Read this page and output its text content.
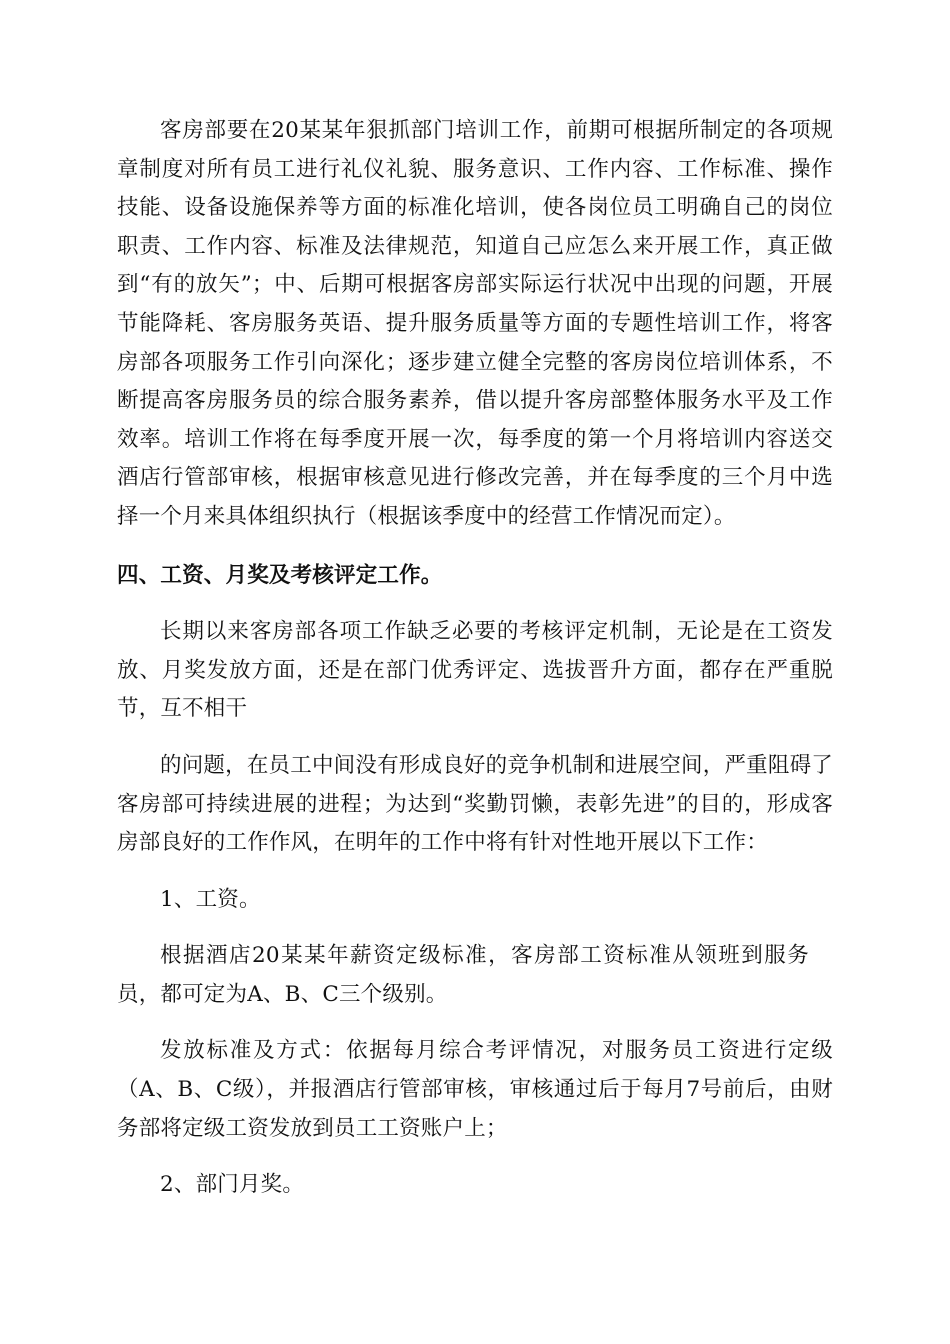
客房部要在20某某年狠抓部门培训工作，前期可根据所制定的各项规章制度对所有员工进行礼仪礼貌、服务意识、工作内容、工作标准、操作技能、设备设施保养等方面的标准化培训，使各岗位员工明确自己的岗位职责、工作内容、标准及法律规范，知道自己应怎么来开展工作，真正做到“有的放矢”；中、后期可根据客房部实际运行状况中出现的问题，开展节能降耗、客房服务英语、提升服务质量等方面的专题性培训工作，将客房部各项服务工作引向深化；逐步建立健全完整的客房岗位培训体系，不断提高客房服务员的综合服务素养，借以提升客房部整体服务水平及工作效率。培训工作将在每季度开展一次，每季度的第一个月将培训内容送交酒店行管部审核，根据审核意见进行修改完善，并在每季度的三个月中选择一个月来具体组织执行（根据该季度中的经营工作情况而定）。

四、工资、月奖及考核评定工作。

长期以来客房部各项工作缺乏必要的考核评定机制，无论是在工资发放、月奖发放方面，还是在部门优秀评定、选拔晋升方面，都存在严重脱节，互不相干

的问题，在员工中间没有形成良好的竞争机制和进展空间，严重阻碍了客房部可持续进展的进程；为达到“奖勤罚懒，表彰先进”的目的，形成客房部良好的工作作风，在明年的工作中将有针对性地开展以下工作：

1、工资。

根据酒店20某某年薪资定级标准，客房部工资标准从领班到服务员，都可定为A、B、C三个级别。

发放标准及方式：依据每月综合考评情况，对服务员工资进行定级（A、B、C级），并报酒店行管部审核，审核通过后于每月7号前后，由财务部将定级工资发放到员工工资账户上；

2、部门月奖。
